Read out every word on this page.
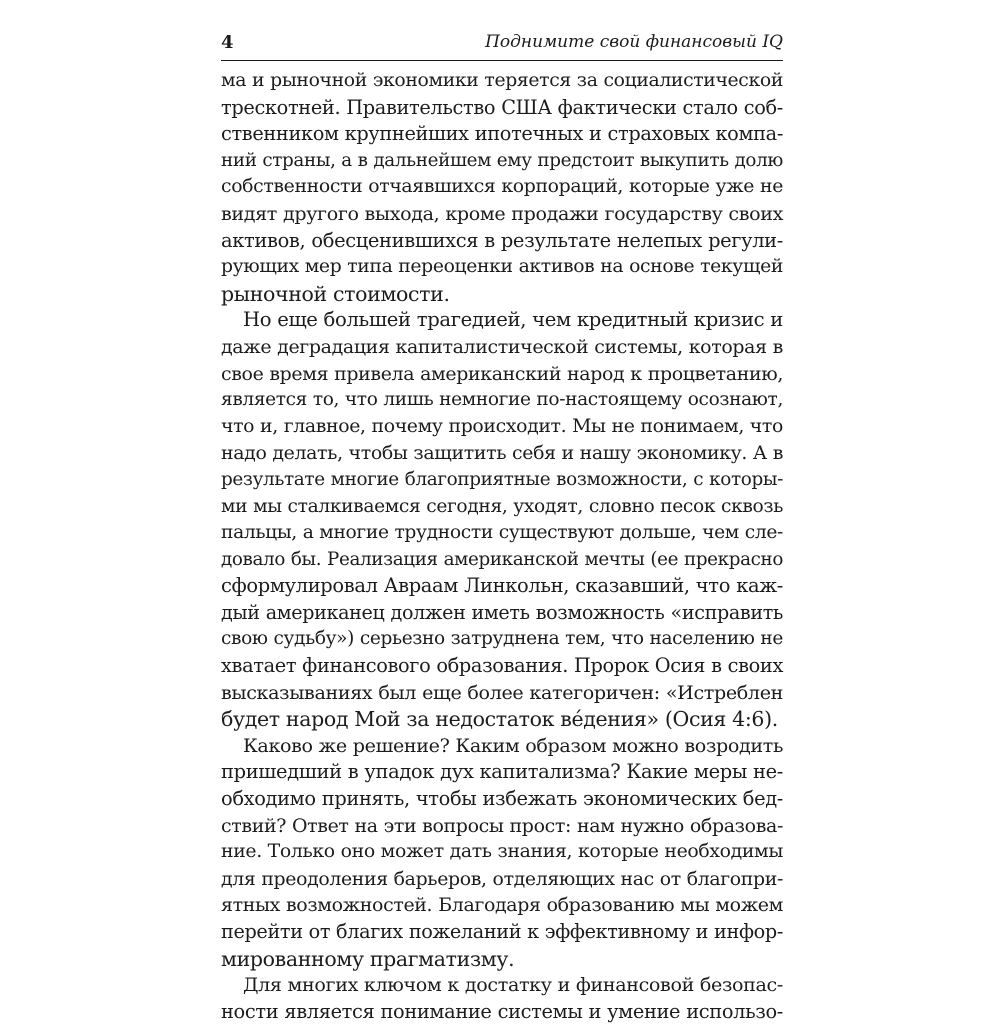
4	Поднимите свой финансовый IQ
ма и рыночной экономики теряется за социалистической
трескотней. Правительство США фактически стало соб-
ственником крупнейших ипотечных и страховых компа-
ний страны, а в дальнейшем ему предстоит выкупить долю
собственности отчаявшихся корпораций, которые уже не
видят другого выхода, кроме продажи государству своих
активов, обесценившихся в результате нелепых регули-
рующих мер типа переоценки активов на основе текущей
рыночной стоимости.
Но еще большей трагедией, чем кредитный кризис и
даже деградация капиталистической системы, которая в
свое время привела американский народ к процветанию,
является то, что лишь немногие по-настоящему осознают,
что и, главное, почему происходит. Мы не понимаем, что
надо делать, чтобы защитить себя и нашу экономику. А в
результате многие благоприятные возможности, с которы-
ми мы сталкиваемся сегодня, уходят, словно песок сквозь
пальцы, а многие трудности существуют дольше, чем сле-
довало бы. Реализация американской мечты (ее прекрасно
сформулировал Авраам Линкольн, сказавший, что каж-
дый американец должен иметь возможность «исправить
свою судьбу») серьезно затруднена тем, что населению не
хватает финансового образования. Пророк Осия в своих
высказываниях был еще более категоричен: «Истреблен
будет народ Мой за недостаток вéдения» (Осия 4:6).
Каково же решение? Каким образом можно возродить
пришедший в упадок дух капитализма? Какие меры не-
обходимо принять, чтобы избежать экономических бед-
ствий? Ответ на эти вопросы прост: нам нужно образова-
ние. Только оно может дать знания, которые необходимы
для преодоления барьеров, отделяющих нас от благопри-
ятных возможностей. Благодаря образованию мы можем
перейти от благих пожеланий к эффективному и инфор-
мированному прагматизму.
Для многих ключом к достатку и финансовой безопас-
ности является понимание системы и умение использо-
